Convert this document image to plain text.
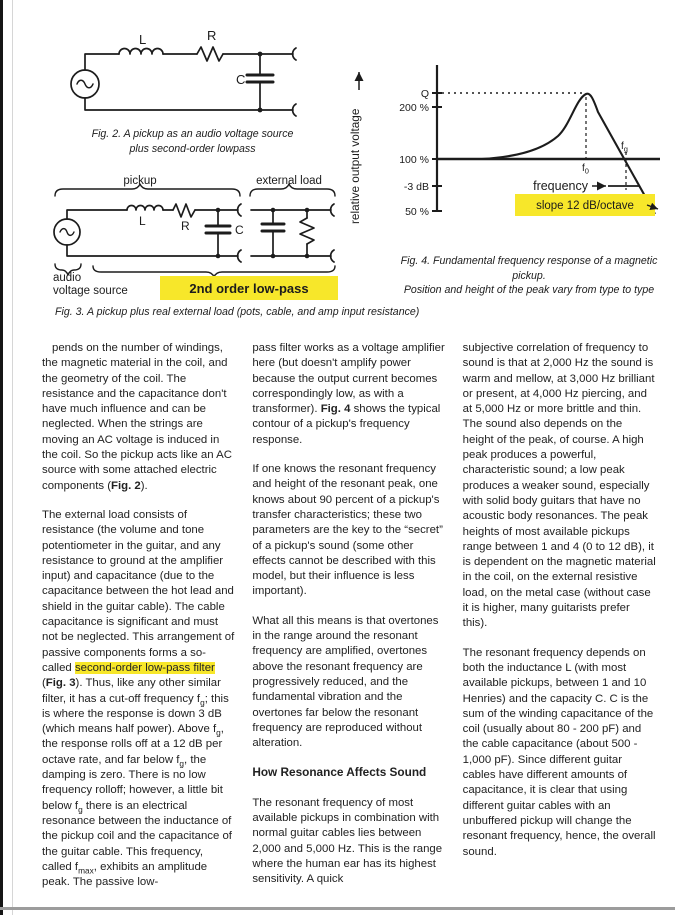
L	R
C
Fig. 2. A pickup as an audio voltage source
plus second-order lowpass
pickup	external load
L	R	C
audio
voltage source	2nd order low-pass
Fig. 3. A pickup plus real external load (pots, cable, and amp input resistance)
relative output voltage
Q
200 %
100 %
-3 dB
50 %
$f_0$
$f_g$
frequency
slope 12 dB/octave
Fig. 4. Fundamental frequency response of a magnetic pickup.
Position and height of the peak vary from type to type

pends on the number of windings, the magnetic material in the coil, and the geometry of the coil. The resistance and the capacitance don't have much influence and can be neglected. When the strings are moving an AC voltage is induced in the coil. So the pickup acts like an AC source with some attached electric components (Fig. 2).

The external load consists of resistance (the volume and tone potentiometer in the guitar, and any resistance to ground at the amplifier input) and capacitance (due to the capacitance between the hot lead and shield in the guitar cable). The cable capacitance is significant and must not be neglected. This arrangement of passive components forms a so-called second-order low-pass filter (Fig. 3). Thus, like any other similar filter, it has a cut-off frequency $f_g$; this is where the response is down 3 dB (which means half power). Above $f_g$, the response rolls off at a 12 dB per octave rate, and far below $f_g$, the damping is zero. There is no low frequency rolloff; however, a little bit below $f_g$ there is an electrical resonance between the inductance of the pickup coil and the capacitance of the guitar cable. This frequency, called $f_{max}$, exhibits an amplitude peak. The passive low-

pass filter works as a voltage amplifier here (but doesn't amplify power because the output current becomes correspondingly low, as with a transformer). Fig. 4 shows the typical contour of a pickup's frequency response.

If one knows the resonant frequency and height of the resonant peak, one knows about 90 percent of a pickup's transfer characteristics; these two parameters are the key to the “secret” of a pickup's sound (some other effects cannot be described with this model, but their influence is less important).

What all this means is that overtones in the range around the resonant frequency are amplified, overtones above the resonant frequency are progressively reduced, and the fundamental vibration and the overtones far below the resonant frequency are reproduced without alteration.

How Resonance Affects Sound

The resonant frequency of most available pickups in combination with normal guitar cables lies between 2,000 and 5,000 Hz. This is the range where the human ear has its highest sensitivity. A quick

subjective correlation of frequency to sound is that at 2,000 Hz the sound is warm and mellow, at 3,000 Hz brilliant or present, at 4,000 Hz piercing, and at 5,000 Hz or more brittle and thin. The sound also depends on the height of the peak, of course. A high peak produces a powerful, characteristic sound; a low peak produces a weaker sound, especially with solid body guitars that have no acoustic body resonances. The peak heights of most available pickups range between 1 and 4 (0 to 12 dB), it is dependent on the magnetic material in the coil, on the external resistive load, on the metal case (without case it is higher, many guitarists prefer this).

The resonant frequency depends on both the inductance L (with most available pickups, between 1 and 10 Henries) and the capacity C. C is the sum of the winding capacitance of the coil (usually about 80 - 200 pF) and the cable capacitance (about 500 - 1,000 pF). Since different guitar cables have different amounts of capacitance, it is clear that using different guitar cables with an unbuffered pickup will change the resonant frequency, hence, the overall sound.
